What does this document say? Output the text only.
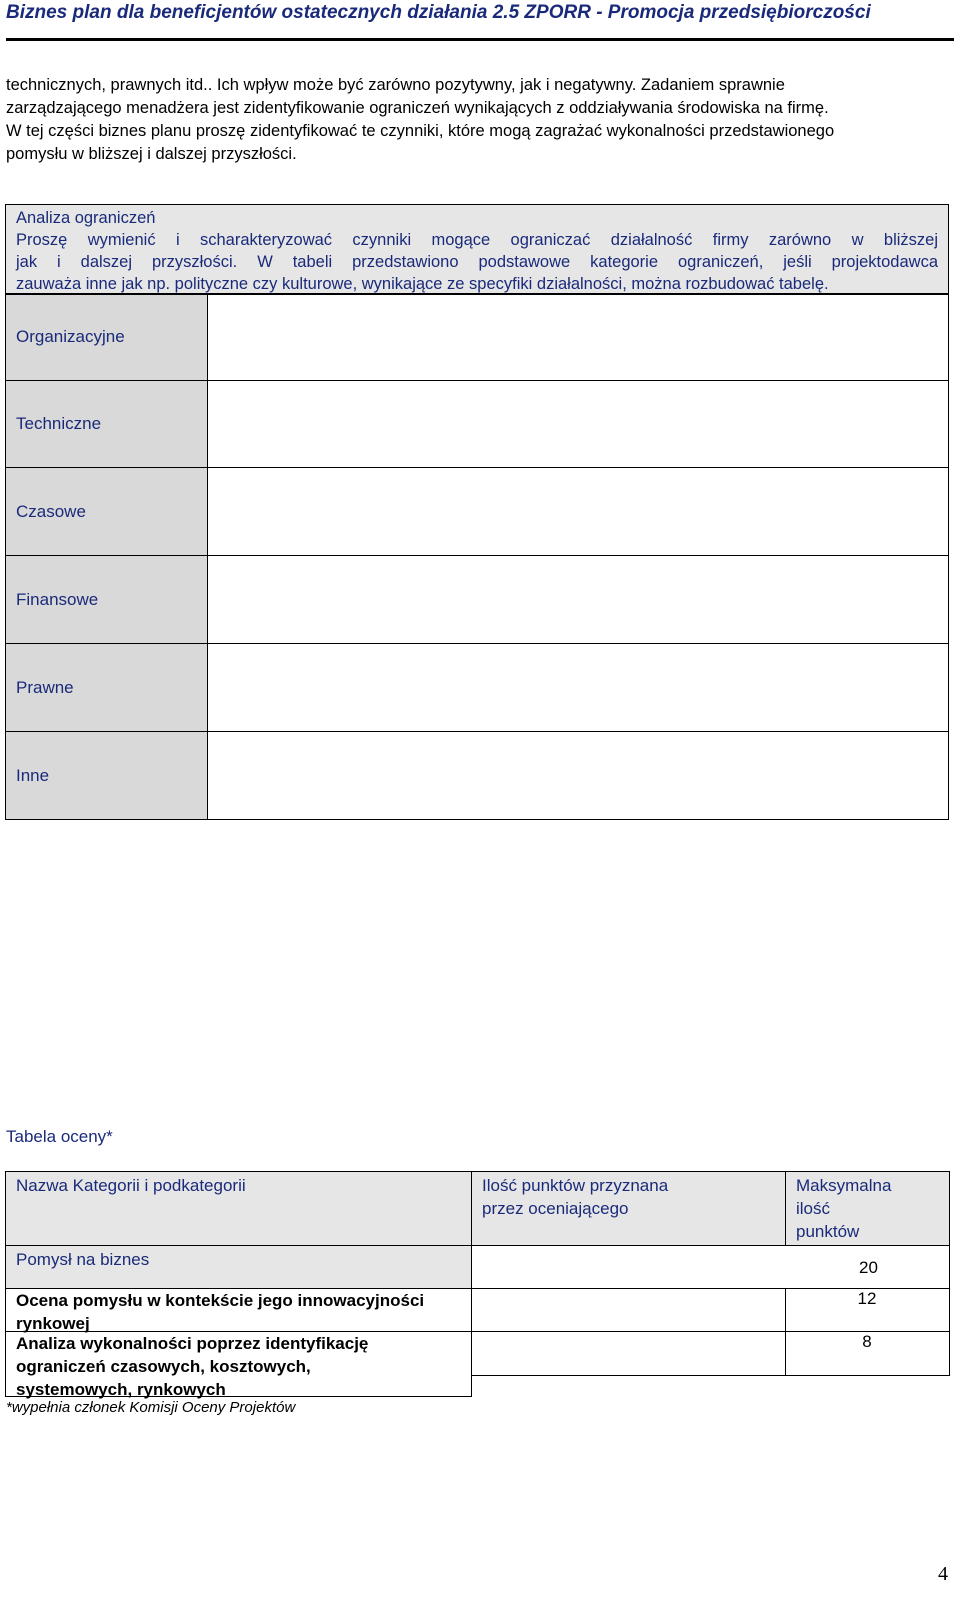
Biznes plan dla beneficjentów ostatecznych działania 2.5 ZPORR - Promocja przedsiębiorczości
technicznych, prawnych itd.. Ich wpływ może być zarówno pozytywny, jak i negatywny. Zadaniem sprawnie
zarządzającego menadżera jest zidentyfikowanie ograniczeń wynikających z oddziaływania środowiska na firmę.
W tej części biznes planu proszę zidentyfikować te czynniki, które mogą zagrażać wykonalności przedstawionego
pomysłu w bliższej i dalszej przyszłości.
Analiza ograniczeń
Proszę wymienić i scharakteryzować czynniki mogące ograniczać działalność firmy zarówno w bliższej
jak i dalszej przyszłości. W tabeli przedstawiono podstawowe kategorie ograniczeń, jeśli projektodawca
zauważa inne jak np. polityczne czy kulturowe, wynikające ze specyfiki działalności, można rozbudować tabelę.
Organizacyjne
Techniczne
Czasowe
Finansowe
Prawne
Inne
Tabela oceny*
Nazwa Kategorii i podkategorii	Ilość punktów przyznana
przez oceniającego
Maksymalna
ilość
punktów
Pomysł na biznes	20
Ocena pomysłu w kontekście jego innowacyjności
rynkowej
12
Analiza wykonalności poprzez identyfikację
ograniczeń czasowych, kosztowych,
systemowych, rynkowych
8
*wypełnia członek Komisji Oceny Projektów
4
